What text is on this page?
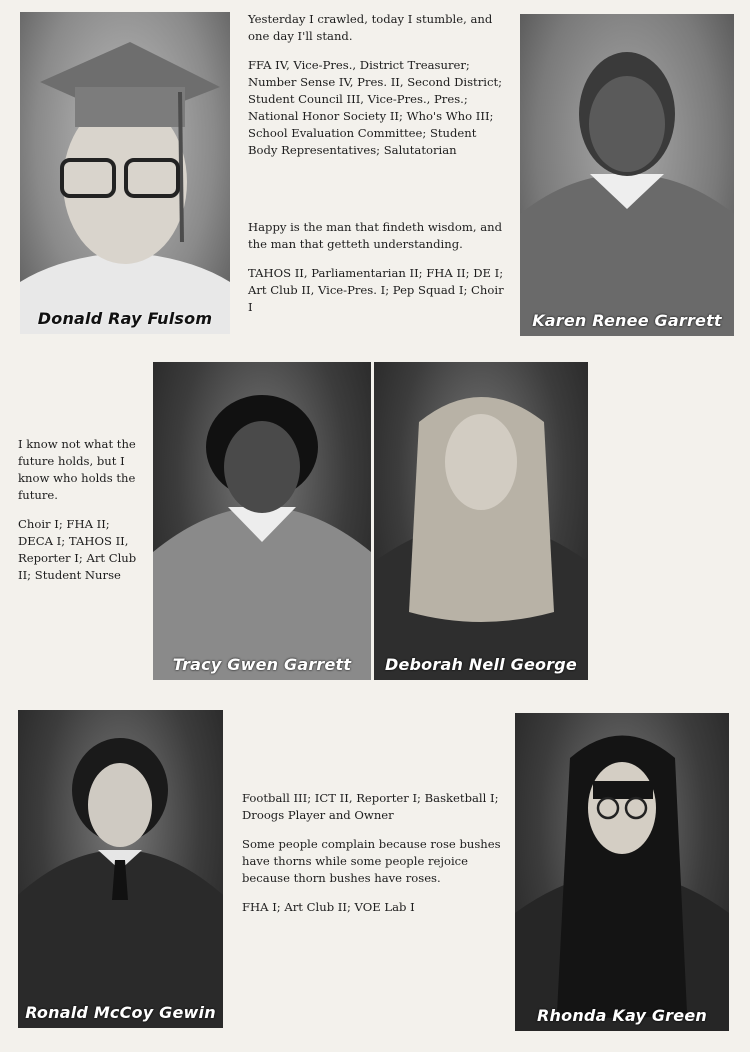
Donald Ray Fulsom

Yesterday I crawled, today I stumble, and one day I'll stand.

FFA IV, Vice-Pres., District Treasurer; Number Sense IV, Pres. II, Second District; Student Council III, Vice-Pres., Pres.; National Honor Society II; Who's Who III; School Evaluation Committee; Student Body Representatives; Salutatorian

Happy is the man that findeth wisdom, and the man that getteth understanding.

TAHOS II, Parliamentarian II; FHA II; DE I; Art Club II, Vice-Pres. I; Pep Squad I; Choir I

Karen Renee Garrett

I know not what the future holds, but I know who holds the future.

Choir I; FHA II; DECA I; TAHOS II, Reporter I; Art Club II; Student Nurse

Tracy Gwen Garrett	Deborah Nell George
Ronald McCoy Gewin

Football III; ICT II, Reporter I; Basketball I; Droogs Player and Owner

Some people complain because rose bushes have thorns while some people rejoice because thorn bushes have roses.

FHA I; Art Club II; VOE Lab I

Rhonda Kay Green
